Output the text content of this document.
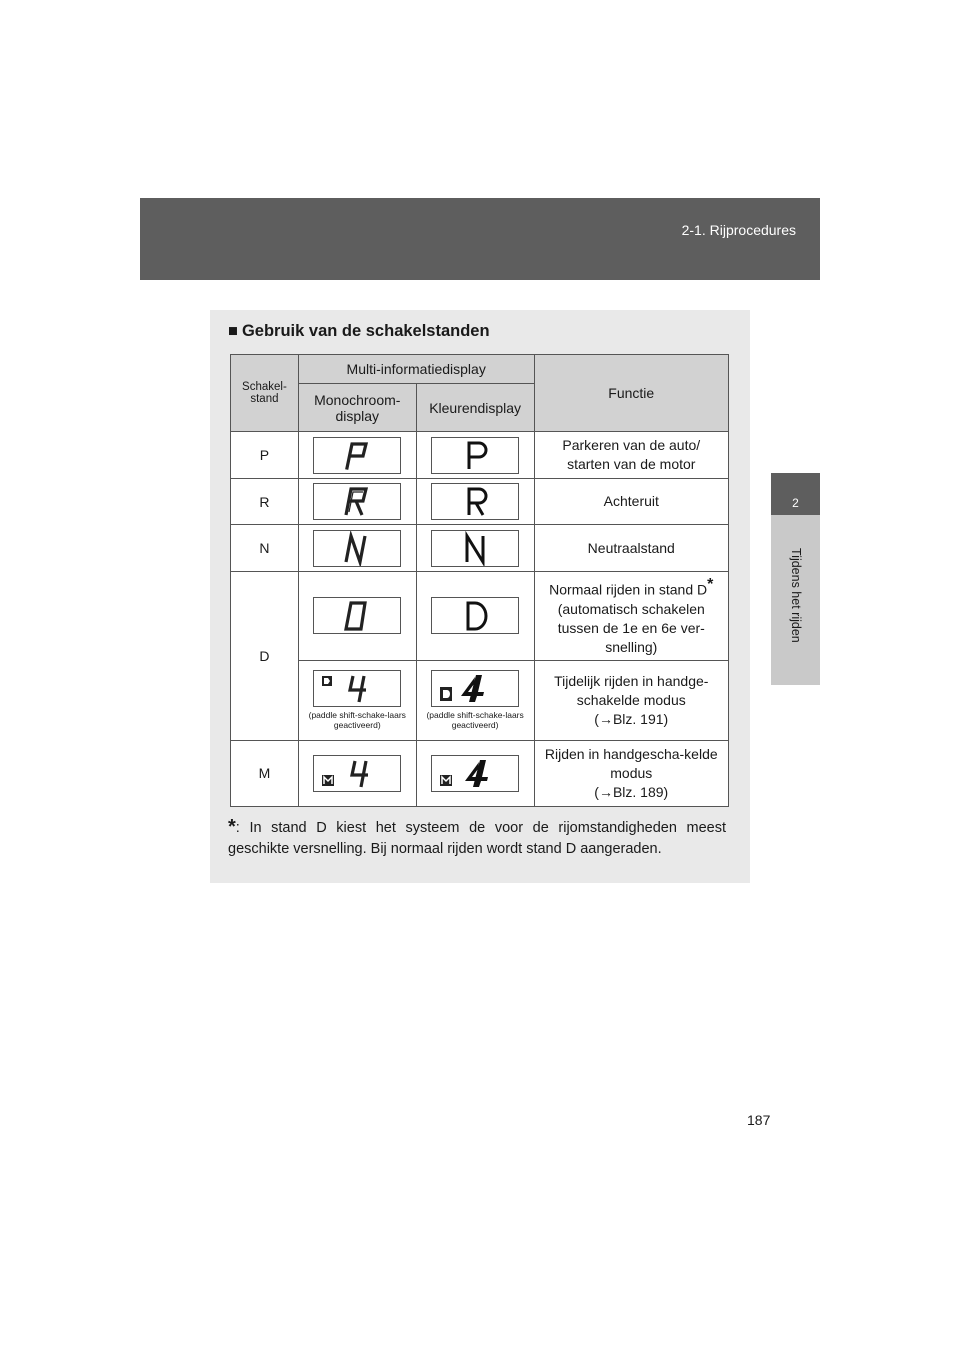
2-1. Rijprocedures
2
Tijdens het rijden
■ Gebruik van de schakelstanden
Schakel-
stand	Multi-informatiedisplay		Functie
	Monochroom-display	Kleurendisplay	
P			Parkeren van de auto/ starten van de motor
R			Achteruit
N			Neutraalstand
D			Normaal rijden in stand D*
(automatisch schakelen tussen de 1e en 6e ver-snelling)

	(paddle shift-schake-laars geactiveerd)	(paddle shift-schake-laars geactiveerd)	Tijdelijk rijden in handge-schakelde modus
(→Blz. 191)
M			Rijden in handgescha-kelde modus
(→Blz. 189)
*: In stand D kiest het systeem de voor de rijomstandigheden meest geschikte versnelling. Bij normaal rijden wordt stand D aangeraden.
187
